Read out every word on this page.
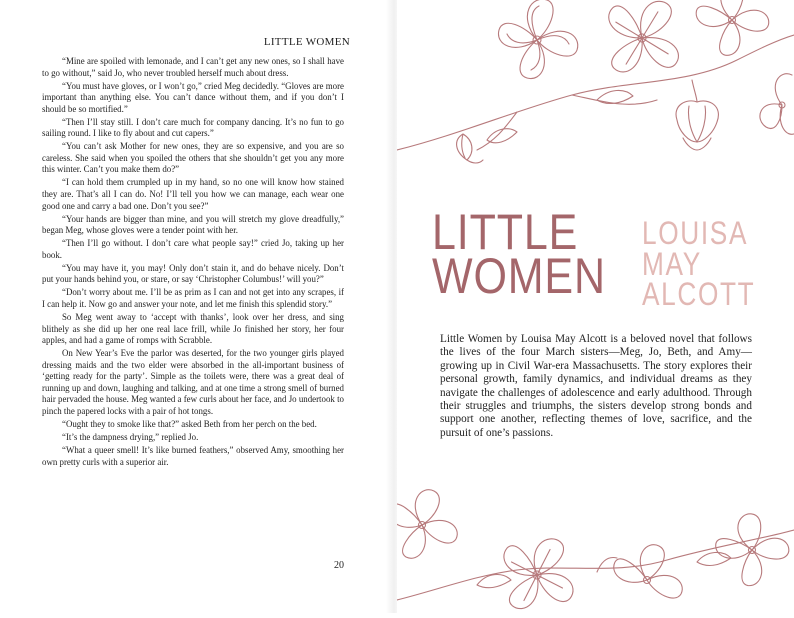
LITTLE WOMEN

“Mine are spoiled with lemonade, and I can’t get any new ones, so I shall have to go without,” said Jo, who never troubled herself much about dress.

“You must have gloves, or I won’t go,” cried Meg decidedly. “Gloves are more important than anything else. You can’t dance without them, and if you don’t I should be so mortified.”

“Then I’ll stay still. I don’t care much for company dancing. It’s no fun to go sailing round. I like to fly about and cut capers.”

“You can’t ask Mother for new ones, they are so expensive, and you are so careless. She said when you spoiled the others that she shouldn’t get you any more this winter. Can’t you make them do?”

“I can hold them crumpled up in my hand, so no one will know how stained they are. That’s all I can do. No! I’ll tell you how we can manage, each wear one good one and carry a bad one. Don’t you see?”

“Your hands are bigger than mine, and you will stretch my glove dreadfully,” began Meg, whose gloves were a tender point with her.

“Then I’ll go without. I don’t care what people say!” cried Jo, taking up her book.

“You may have it, you may! Only don’t stain it, and do behave nicely. Don’t put your hands behind you, or stare, or say ‘Christopher Columbus!’ will you?”

“Don’t worry about me. I’ll be as prim as I can and not get into any scrapes, if I can help it. Now go and answer your note, and let me finish this splendid story.”

So Meg went away to ‘accept with thanks’, look over her dress, and sing blithely as she did up her one real lace frill, while Jo finished her story, her four apples, and had a game of romps with Scrabble.

On New Year’s Eve the parlor was deserted, for the two younger girls played dressing maids and the two elder were absorbed in the all-important business of ‘getting ready for the party’. Simple as the toilets were, there was a great deal of running up and down, laughing and talking, and at one time a strong smell of burned hair pervaded the house. Meg wanted a few curls about her face, and Jo undertook to pinch the papered locks with a pair of hot tongs.

“Ought they to smoke like that?” asked Beth from her perch on the bed.

“It’s the dampness drying,” replied Jo.

“What a queer smell! It’s like burned feathers,” observed Amy, smoothing her own pretty curls with a superior air.

20
LITTLE
WOMEN
LOUISA
MAY
ALCOTT
Little Women by Louisa May Alcott is a beloved novel that follows the lives of the four March sisters—Meg, Jo, Beth, and Amy—growing up in Civil War-era Massachusetts. The story explores their personal growth, family dynamics, and individual dreams as they navigate the challenges of adolescence and early adulthood. Through their struggles and triumphs, the sisters develop strong bonds and support one another, reflecting themes of love, sacrifice, and the pursuit of one’s passions.
